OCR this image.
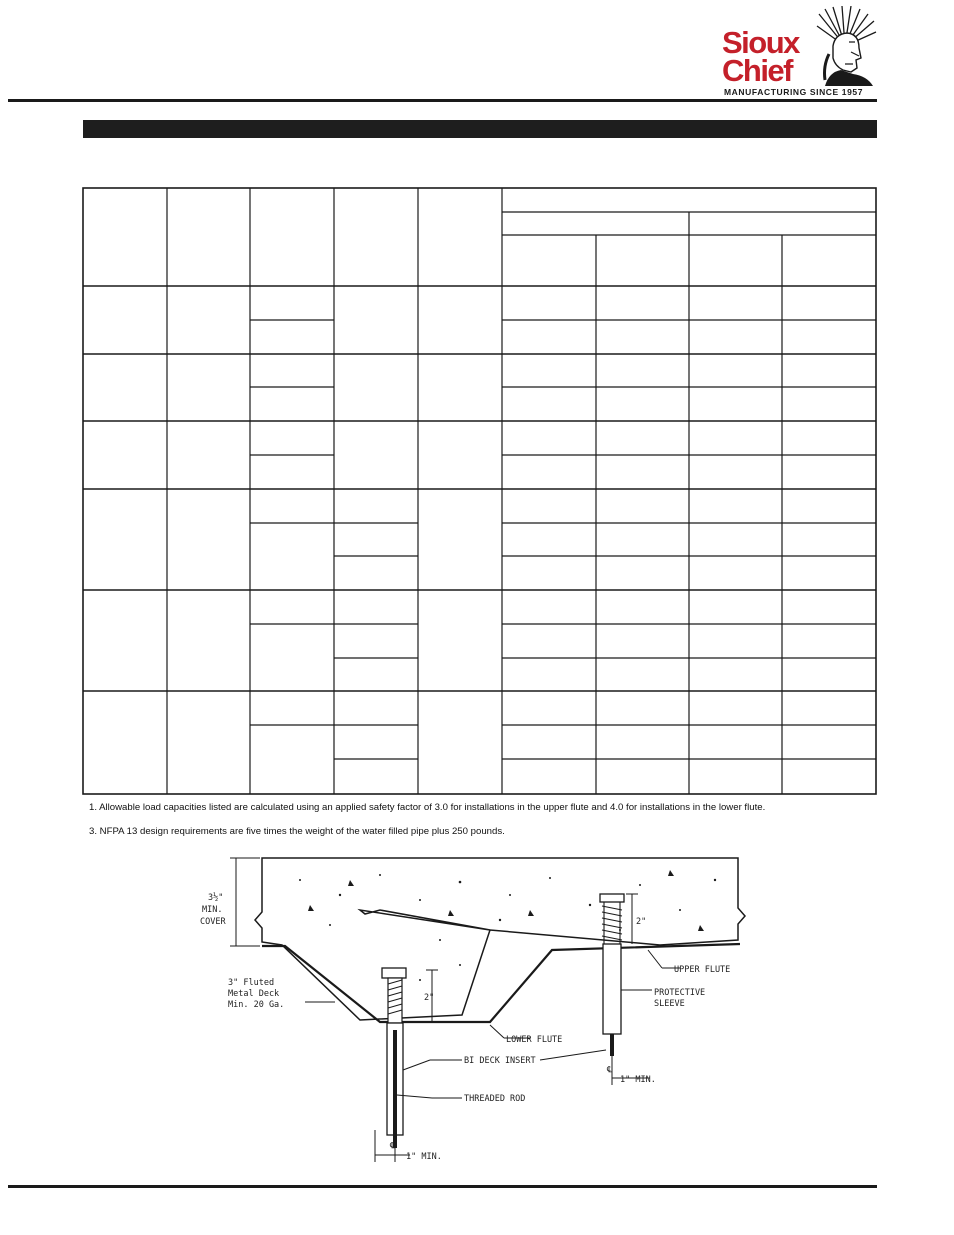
Sioux
Chief
MANUFACTURING SINCE 1957
1. Allowable load capacities listed are calculated using an applied safety factor of 3.0 for installations in the upper flute and 4.0 for installations in the lower flute.
3. NFPA 13 design requirements are five times the weight of the water filled pipe plus 250 pounds.
3½"
MIN.
COVER
3" Fluted
Metal Deck
Min. 20 Ga.
UPPER FLUTE
PROTECTIVE
SLEEVE
LOWER FLUTE
BI DECK INSERT
THREADED ROD
1" MIN.
1" MIN.
2"
2"
℄
℄
